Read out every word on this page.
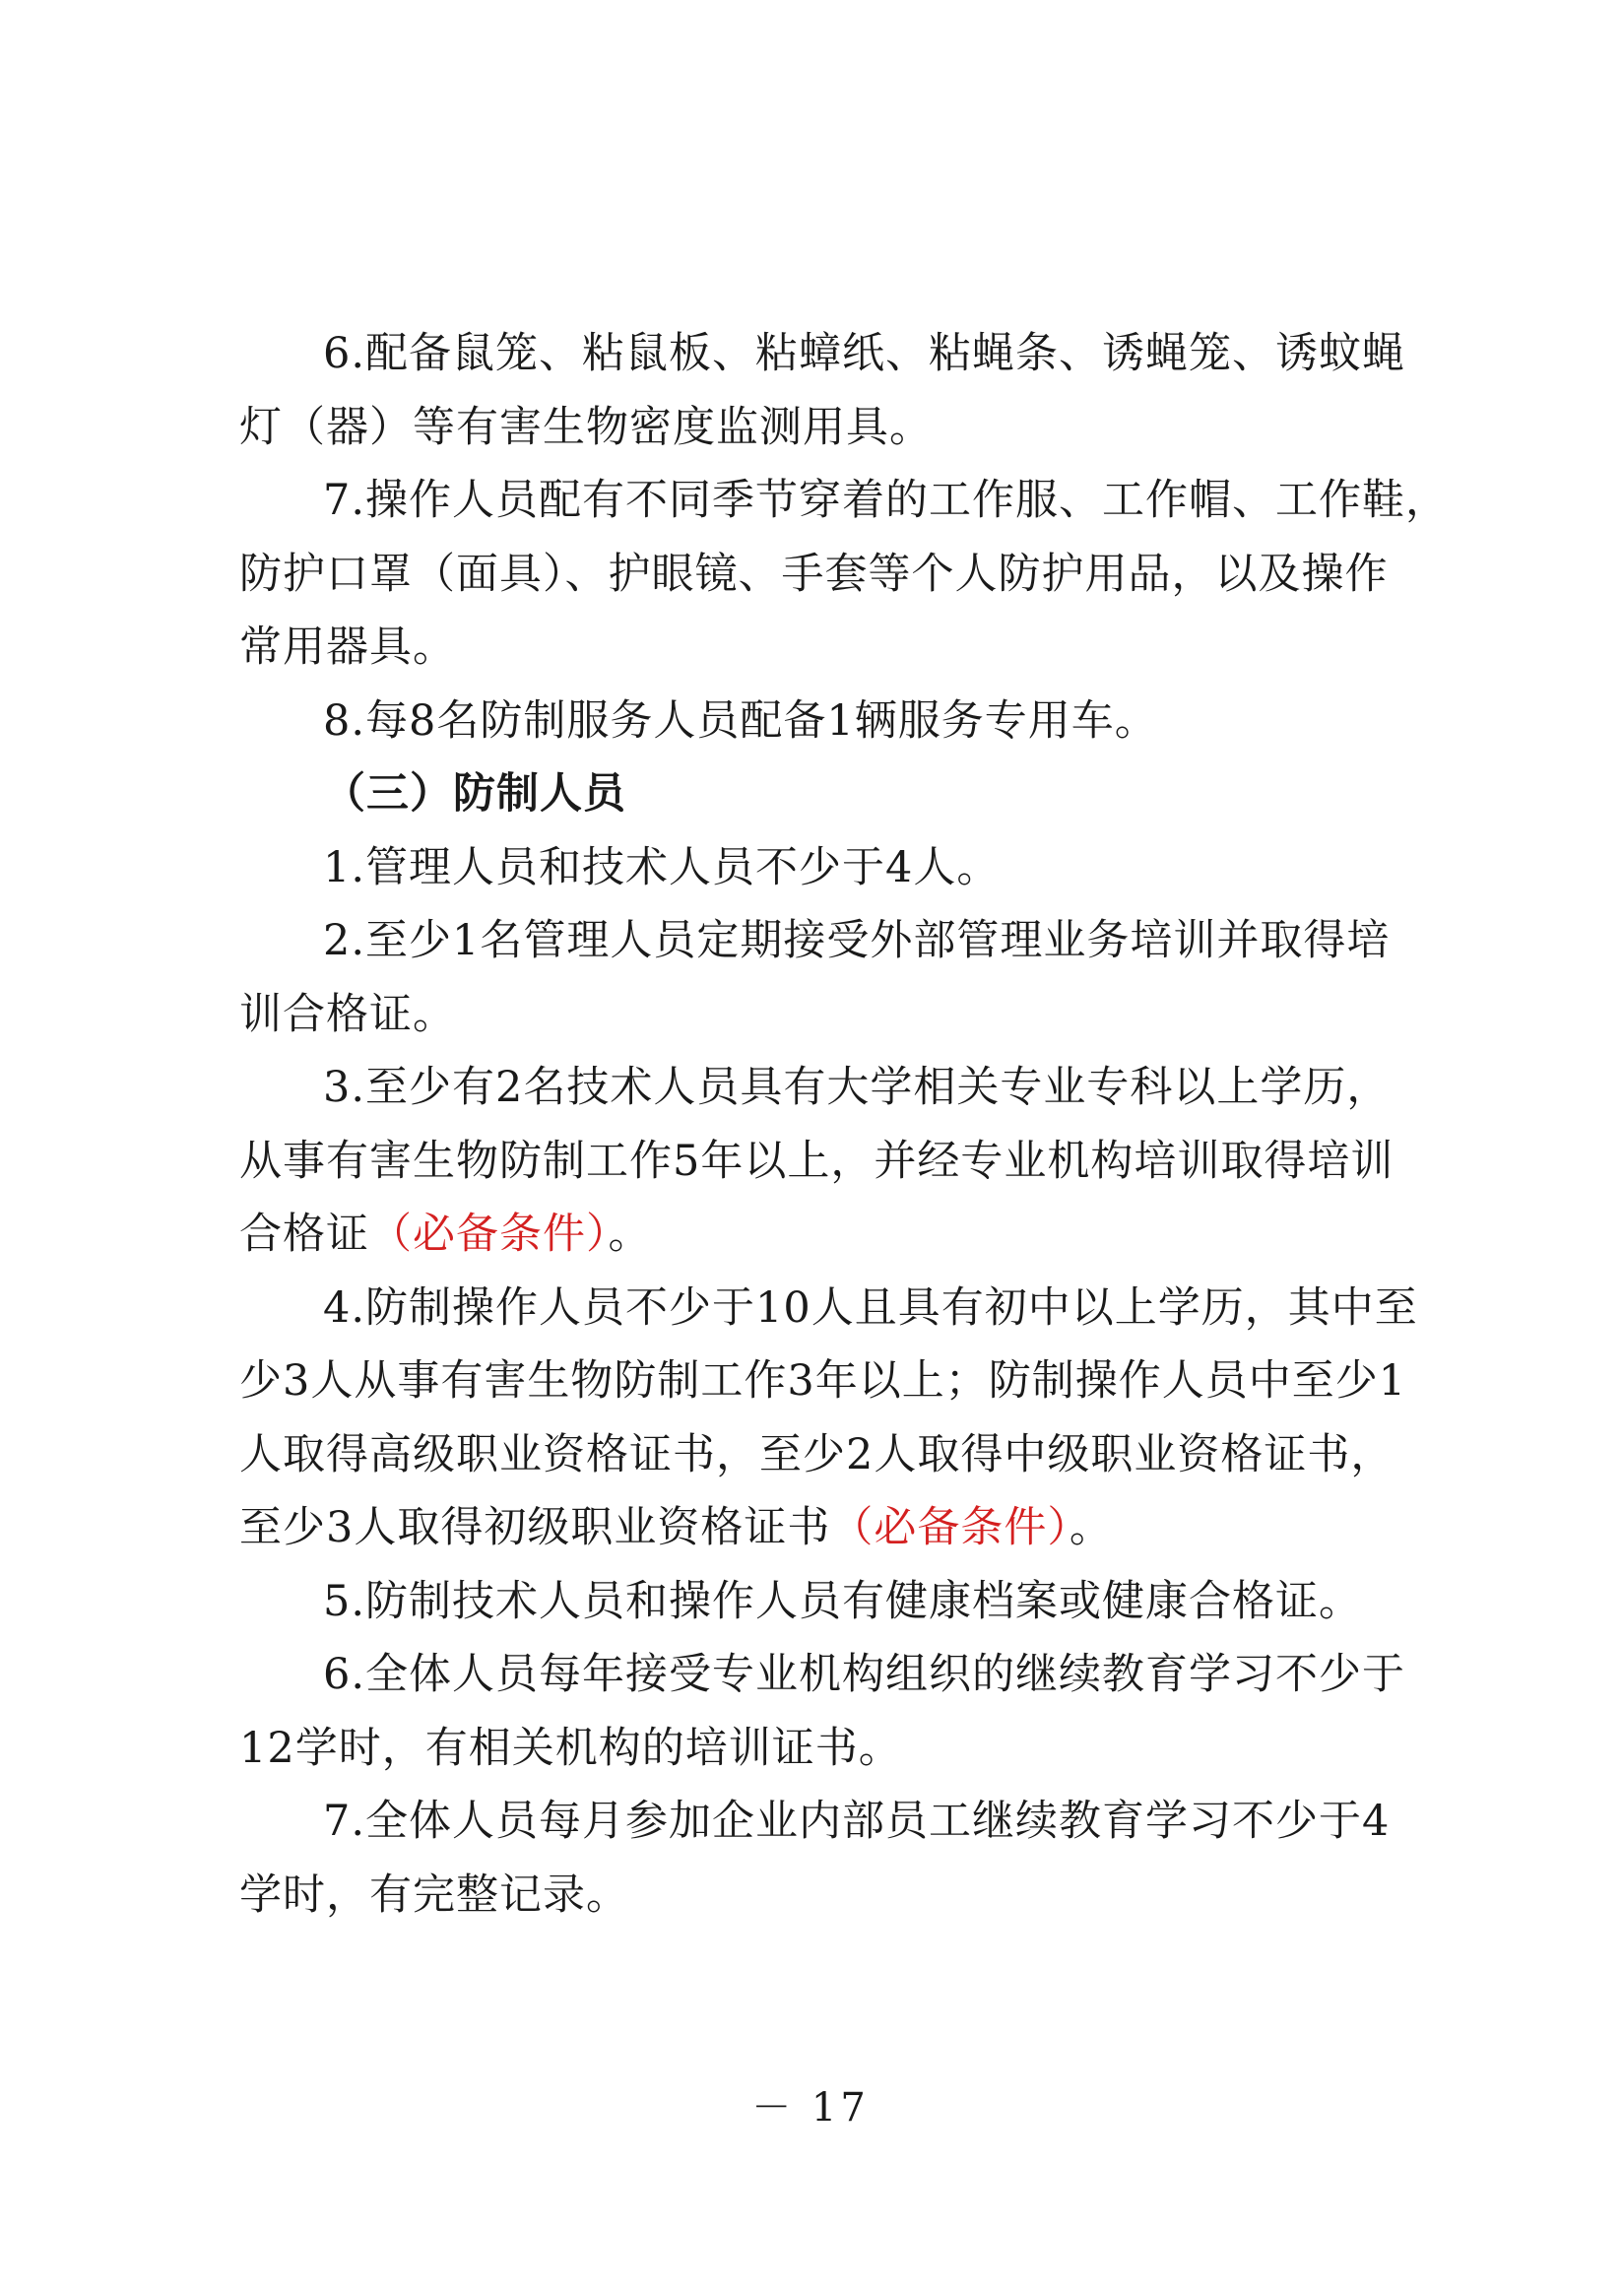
6.配备鼠笼、粘鼠板、粘蟑纸、粘蝇条、诱蝇笼、诱蚊蝇
灯（器）等有害生物密度监测用具。
7.操作人员配有不同季节穿着的工作服、工作帽、工作鞋，
防护口罩（面具）、护眼镜、手套等个人防护用品，以及操作
常用器具。
8.每8名防制服务人员配备1辆服务专用车。
（三）防制人员
1.管理人员和技术人员不少于4人。
2.至少1名管理人员定期接受外部管理业务培训并取得培
训合格证。
3.至少有2名技术人员具有大学相关专业专科以上学历，
从事有害生物防制工作5年以上，并经专业机构培训取得培训
合格证（必备条件）。
4.防制操作人员不少于10人且具有初中以上学历，其中至
少3人从事有害生物防制工作3年以上；防制操作人员中至少1
人取得高级职业资格证书，至少2人取得中级职业资格证书，
至少3人取得初级职业资格证书（必备条件）。
5.防制技术人员和操作人员有健康档案或健康合格证。
6.全体人员每年接受专业机构组织的继续教育学习不少于
12学时，有相关机构的培训证书。
7.全体人员每月参加企业内部员工继续教育学习不少于4
学时，有完整记录。
－ 17
